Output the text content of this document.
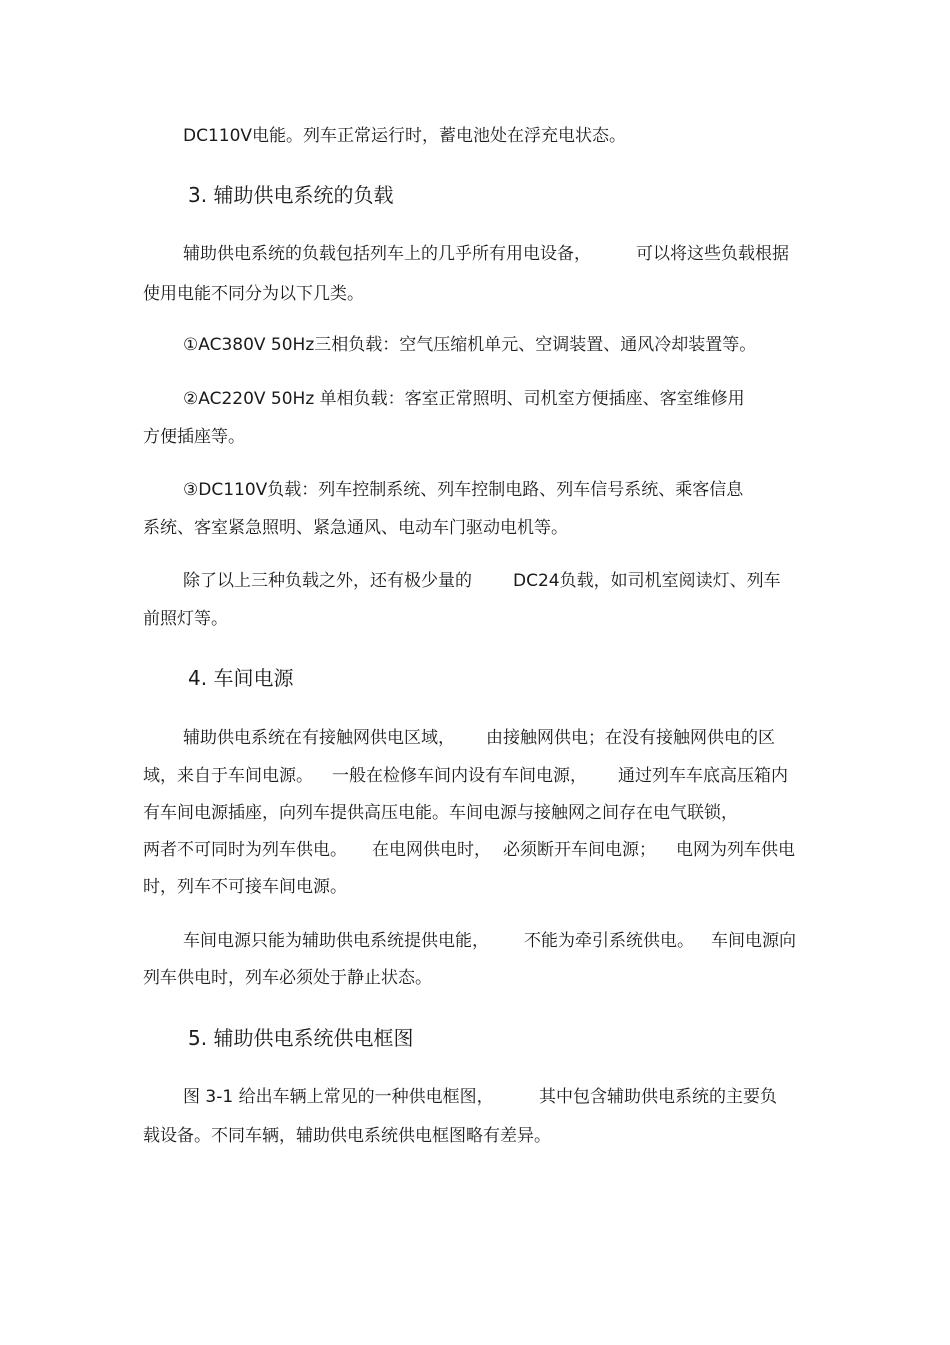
DC110V电能。列车正常运行时，蓄电池处在浮充电状态。
3. 辅助供电系统的负载
辅助供电系统的负载包括列车上的几乎所有用电设备，	可以将这些负载根据
使用电能不同分为以下几类。
①AC380V 50Hz三相负载：空气压缩机单元、空调装置、通风冷却装置等。
②AC220V 50Hz 单相负载：客室正常照明、司机室方便插座、客室维修用
方便插座等。
③DC110V负载：列车控制系统、列车控制电路、列车信号系统、乘客信息
系统、客室紧急照明、紧急通风、电动车门驱动电机等。
除了以上三种负载之外，还有极少量的 DC24负载，如司机室阅读灯、列车
前照灯等。
4. 车间电源
辅助供电系统在有接触网供电区域， 由接触网供电；在没有接触网供电的区
域，来自于车间电源。 一般在检修车间内设有车间电源， 通过列车车底高压箱内
有车间电源插座，向列车提供高压电能。车间电源与接触网之间存在电气联锁，
两者不可同时为列车供电。 在电网供电时， 必须断开车间电源； 电网为列车供电
时，列车不可接车间电源。
车间电源只能为辅助供电系统提供电能， 不能为牵引系统供电。 车间电源向
列车供电时，列车必须处于静止状态。
5. 辅助供电系统供电框图
图 3-1 给出车辆上常见的一种供电框图，	其中包含辅助供电系统的主要负
载设备。不同车辆，辅助供电系统供电框图略有差异。
